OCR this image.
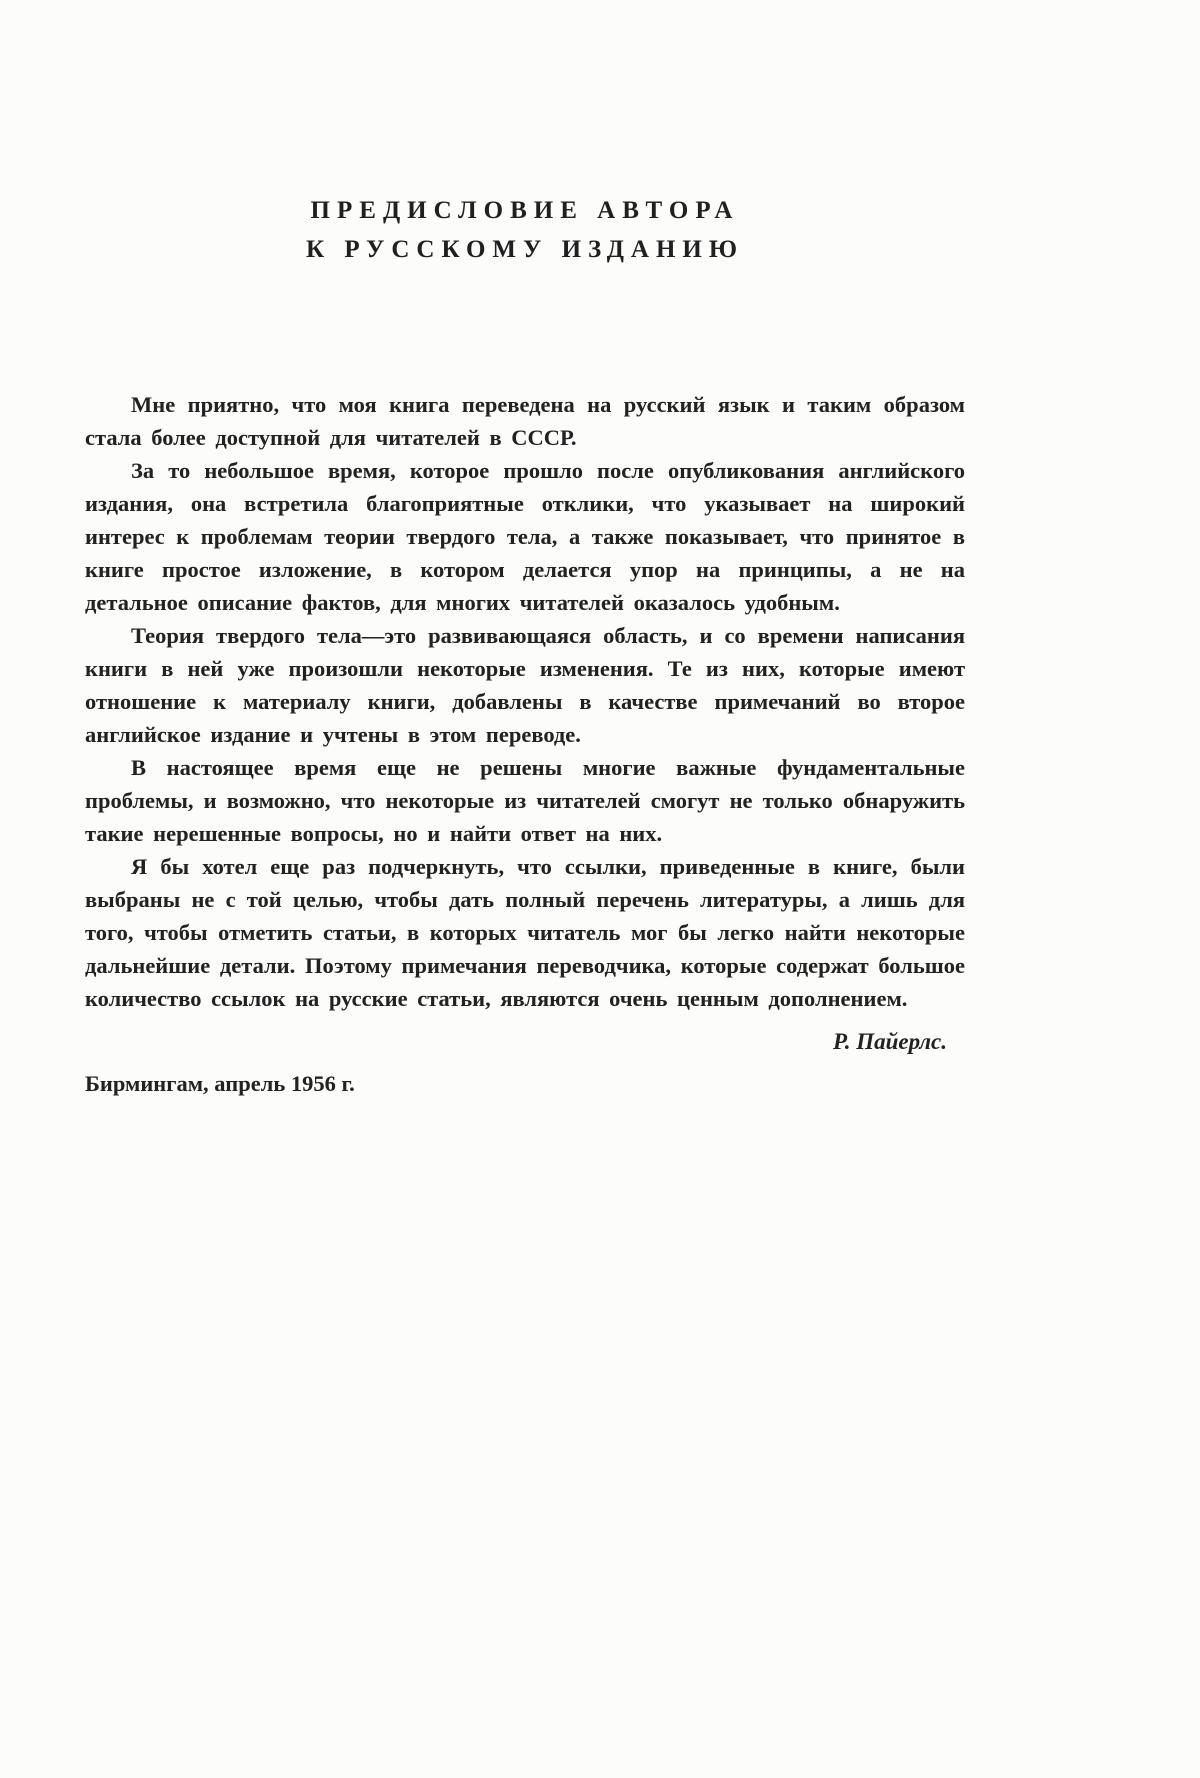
ПРЕДИСЛОВИЕ АВТОРА
К РУССКОМУ ИЗДАНИЮ

Мне приятно, что моя книга переведена на русский язык и таким образом стала более доступной для читателей в СССР.

За то небольшое время, которое прошло после опубликования английского издания, она встретила благоприятные отклики, что указывает на широкий интерес к проблемам теории твердого тела, а также показывает, что принятое в книге простое изложение, в котором делается упор на принципы, а не на детальное описание фактов, для многих читателей оказалось удобным.

Теория твердого тела—это развивающаяся область, и со времени написания книги в ней уже произошли некоторые изменения. Те из них, которые имеют отношение к материалу книги, добавлены в качестве примечаний во второе английское издание и учтены в этом переводе.

В настоящее время еще не решены многие важные фундаментальные проблемы, и возможно, что некоторые из читателей смогут не только обнаружить такие нерешенные вопросы, но и найти ответ на них.

Я бы хотел еще раз подчеркнуть, что ссылки, приведенные в книге, были выбраны не с той целью, чтобы дать полный перечень литературы, а лишь для того, чтобы отметить статьи, в которых читатель мог бы легко найти некоторые дальнейшие детали. Поэтому примечания переводчика, которые содержат большое количество ссылок на русские статьи, являются очень ценным дополнением.

Р. Пайерлс.
Бирмингам, апрель 1956 г.
